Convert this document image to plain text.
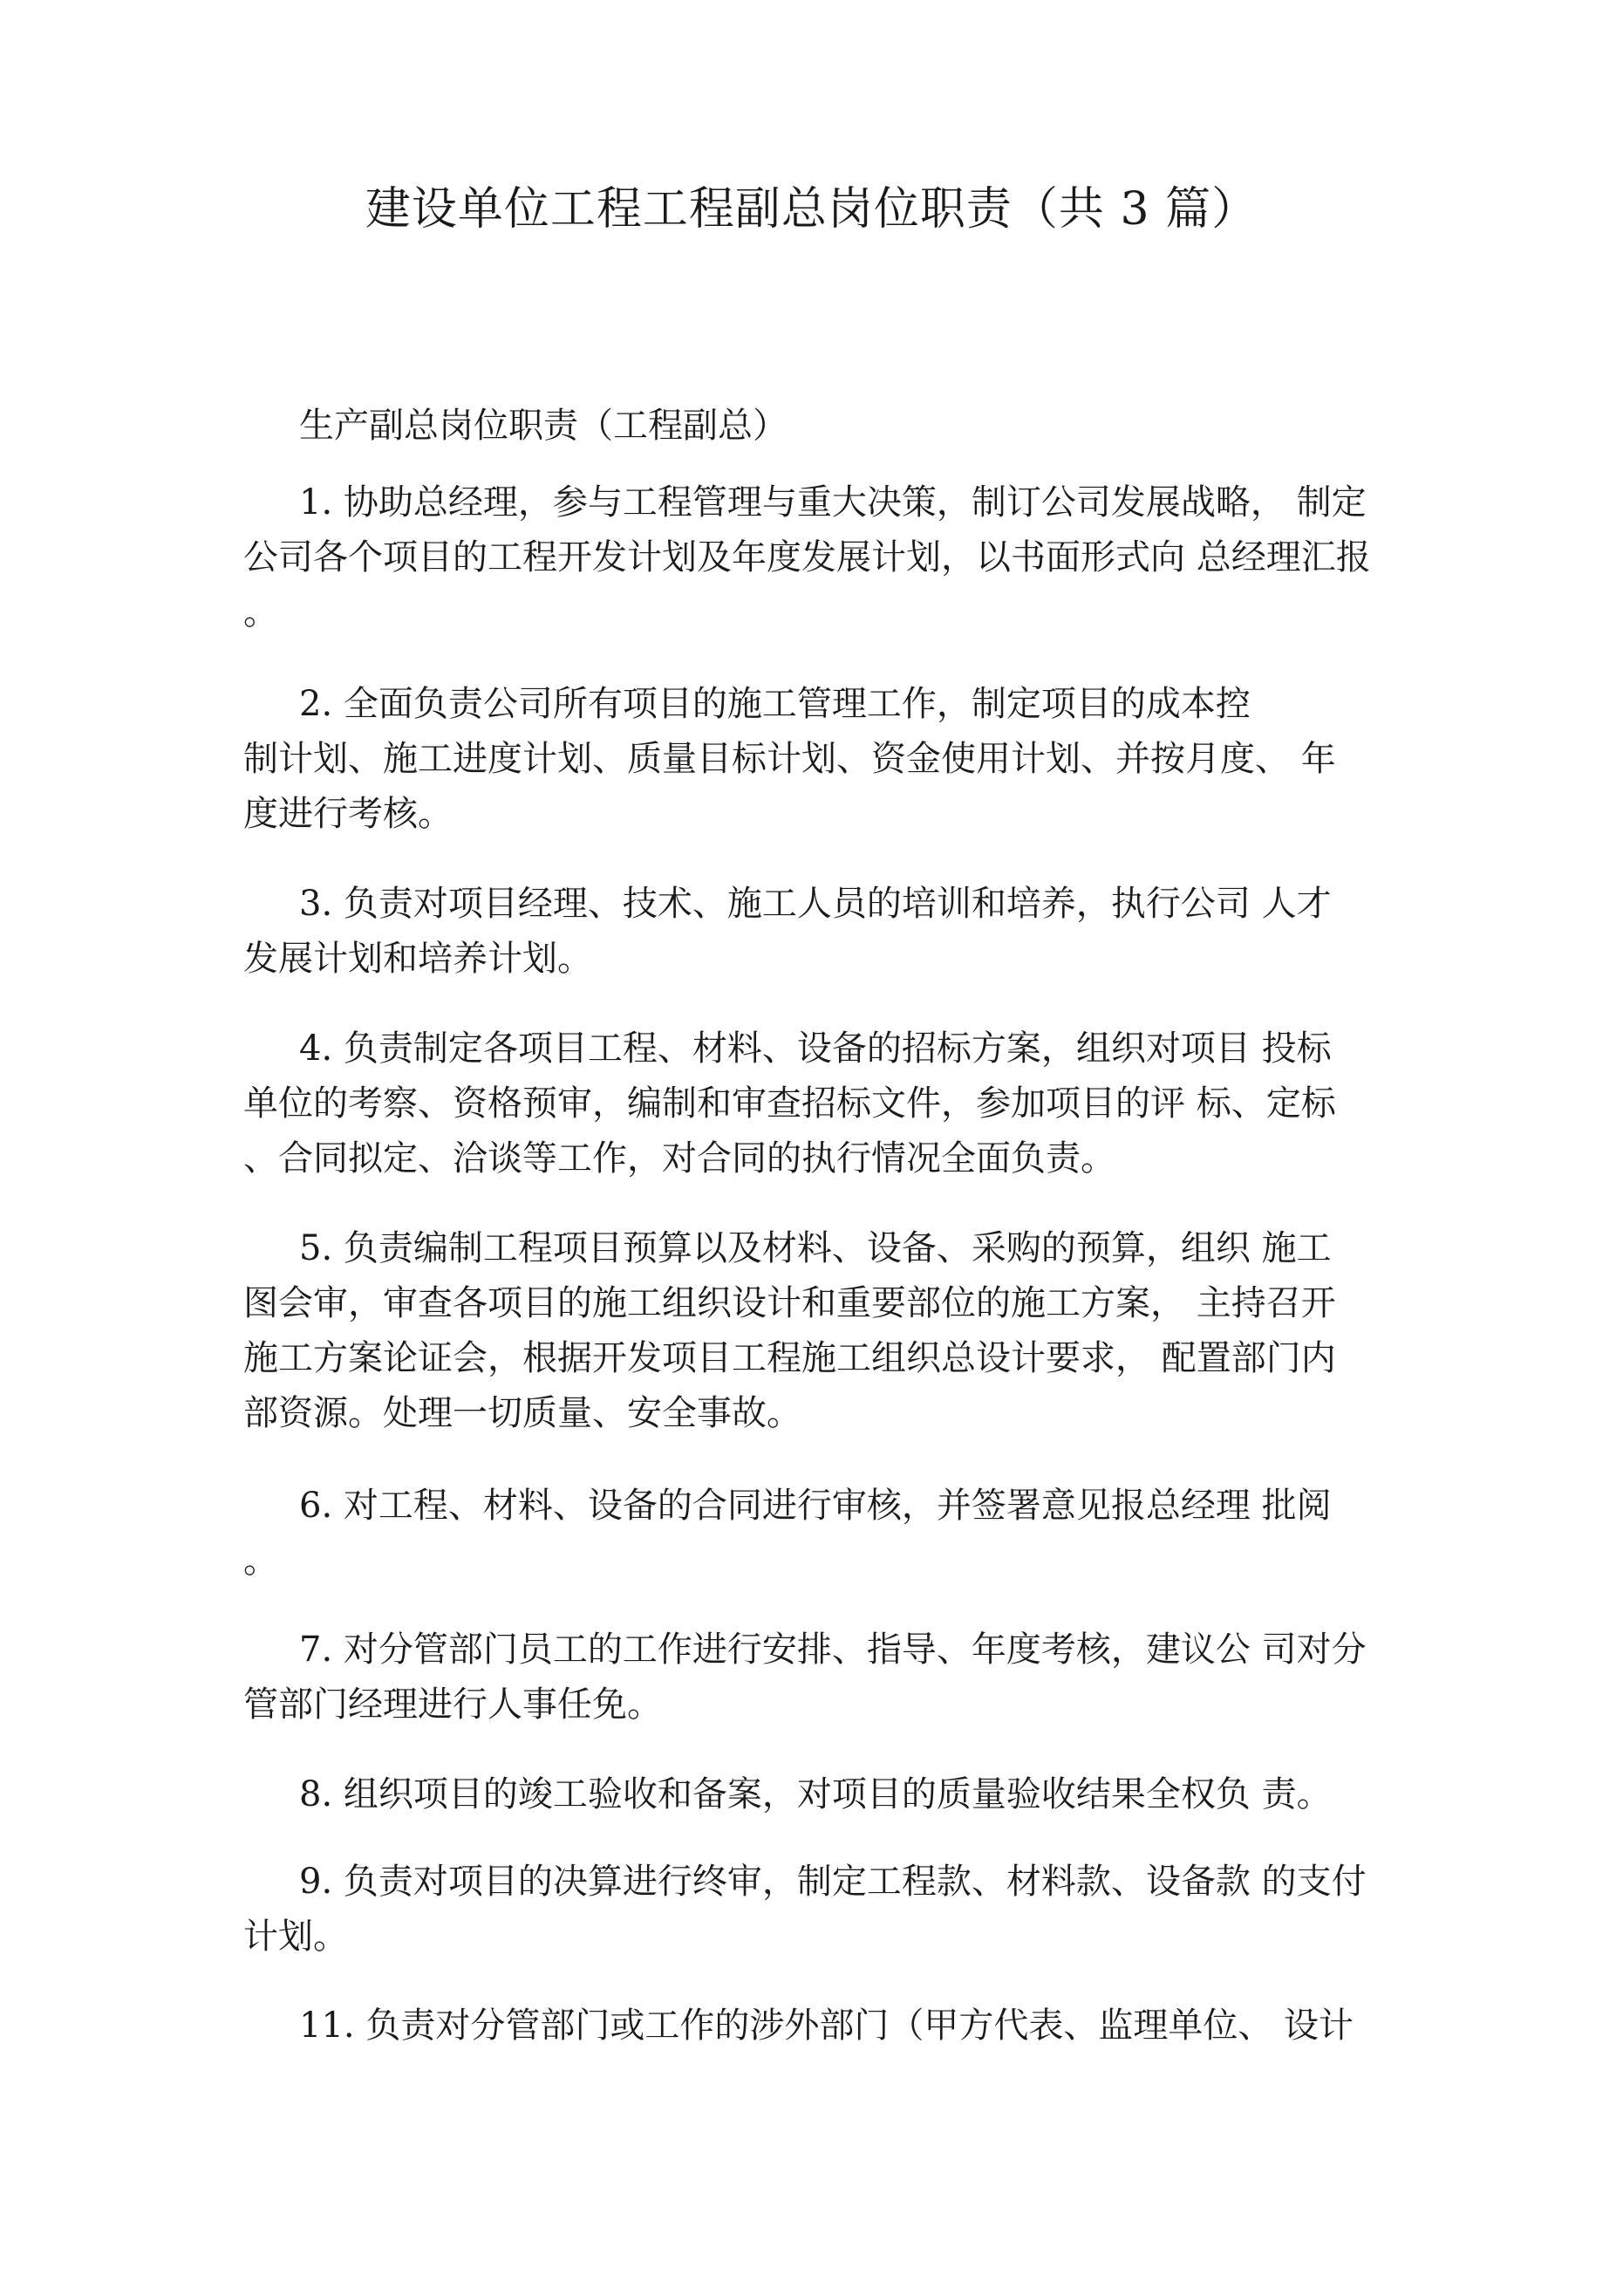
建设单位工程工程副总岗位职责（共 3 篇）
生产副总岗位职责（工程副总）
1. 协助总经理，参与工程管理与重大决策，制订公司发展战略， 制定
公司各个项目的工程开发计划及年度发展计划，以书面形式向 总经理汇报
。
2. 全面负责公司所有项目的施工管理工作，制定项目的成本控
制计划、施工进度计划、质量目标计划、资金使用计划、并按月度、 年
度进行考核。
3. 负责对项目经理、技术、施工人员的培训和培养，执行公司 人才
发展计划和培养计划。
4. 负责制定各项目工程、材料、设备的招标方案，组织对项目 投标
单位的考察、资格预审，编制和审查招标文件，参加项目的评 标、定标
、合同拟定、洽谈等工作，对合同的执行情况全面负责。
5. 负责编制工程项目预算以及材料、设备、采购的预算，组织 施工
图会审，审查各项目的施工组织设计和重要部位的施工方案， 主持召开
施工方案论证会，根据开发项目工程施工组织总设计要求， 配置部门内
部资源。处理一切质量、安全事故。
6. 对工程、材料、设备的合同进行审核，并签署意见报总经理 批阅
。
7. 对分管部门员工的工作进行安排、指导、年度考核，建议公 司对分
管部门经理进行人事任免。
8. 组织项目的竣工验收和备案，对项目的质量验收结果全权负 责。
9. 负责对项目的决算进行终审，制定工程款、材料款、设备款 的支付
计划。
11. 负责对分管部门或工作的涉外部门（甲方代表、监理单位、 设计
